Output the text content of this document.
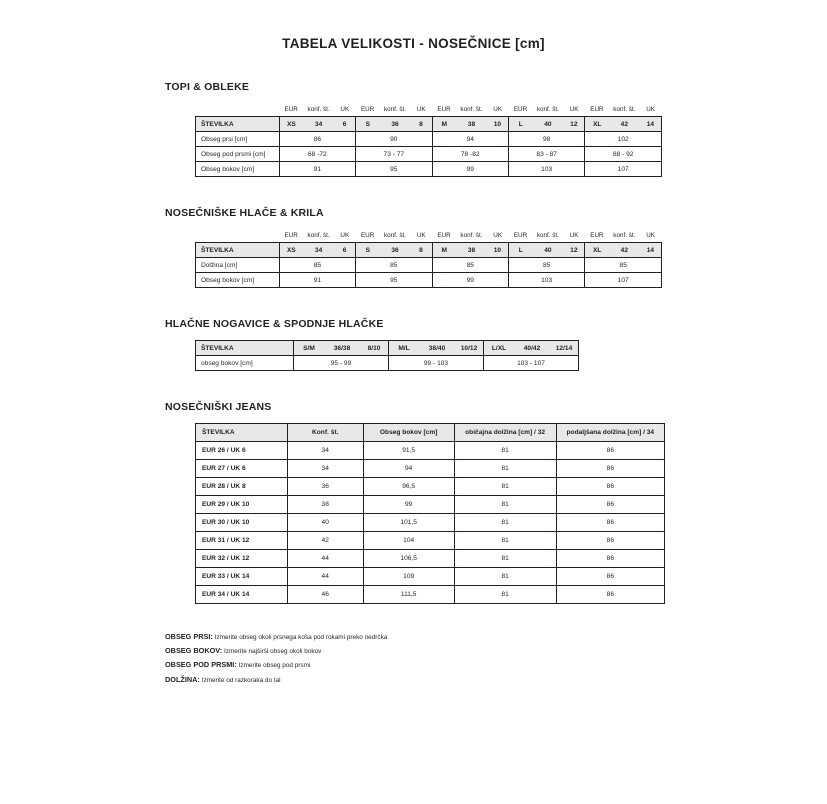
TABELA VELIKOSTI - NOSEČNICE [cm]
TOPI & OBLEKE
	EUR	konf. št.	UK	EUR	konf. št.	UK	EUR	konf. št.	UK	EUR	konf. št.	UK	EUR	konf. št.	UK
ŠTEVILKA	XS	34	6	S	36	8	M	38	10	L	40	12	XL	42	14
Obseg prsi [cm]	86			90			94			98			102		
Obseg pod prsmi [cm]	68 -72			73 - 77			78 -82			83 - 87			88 - 92		
Obseg bokov [cm]	91			95			99			103			107		
NOSEČNIŠKE HLAČE & KRILA
	EUR	konf. št.	UK	EUR	konf. št.	UK	EUR	konf. št.	UK	EUR	konf. št.	UK	EUR	konf. št.	UK
ŠTEVILKA	XS	34	6	S	36	8	M	38	10	L	40	12	XL	42	14
Dolžina [cm]	85			85			85			85			85		
Obseg bokov [cm]	91			95			99			103			107		
HLAČNE NOGAVICE & SPODNJE HLAČKE
ŠTEVILKA	S/M	36/38	8/10	M/L	38/40	10/12	L/XL	40/42	12/14
obseg bokov [cm]	95 - 99			99 - 103			103 - 107		
NOSEČNIŠKI JEANS
ŠTEVILKA	Konf. št.	Obseg bokov [cm]	običajna dolžina [cm] / 32	podaljšana dolžina [cm] / 34
EUR 26 / UK 6	34	91,5	81	86
EUR 27 / UK 6	34	94	81	86
EUR 28 / UK 8	36	96,5	81	86
EUR 29 / UK 10	38	99	81	86
EUR 30 / UK 10	40	101,5	81	86
EUR 31 / UK 12	42	104	81	86
EUR 32 / UK 12	44	106,5	81	86
EUR 33 / UK 14	44	109	81	86
EUR 34 / UK 14	46	111,5	81	86
OBSEG PRSI: Izmerite obseg okoli prsnega koša pod rokami preko nedrčka
OBSEG BOKOV: Izmerite najširši obseg okoli bokov
OBSEG POD PRSMI: Izmerite obseg pod prsmi
DOLŽINA: Izmerite od razkoraka do tal
